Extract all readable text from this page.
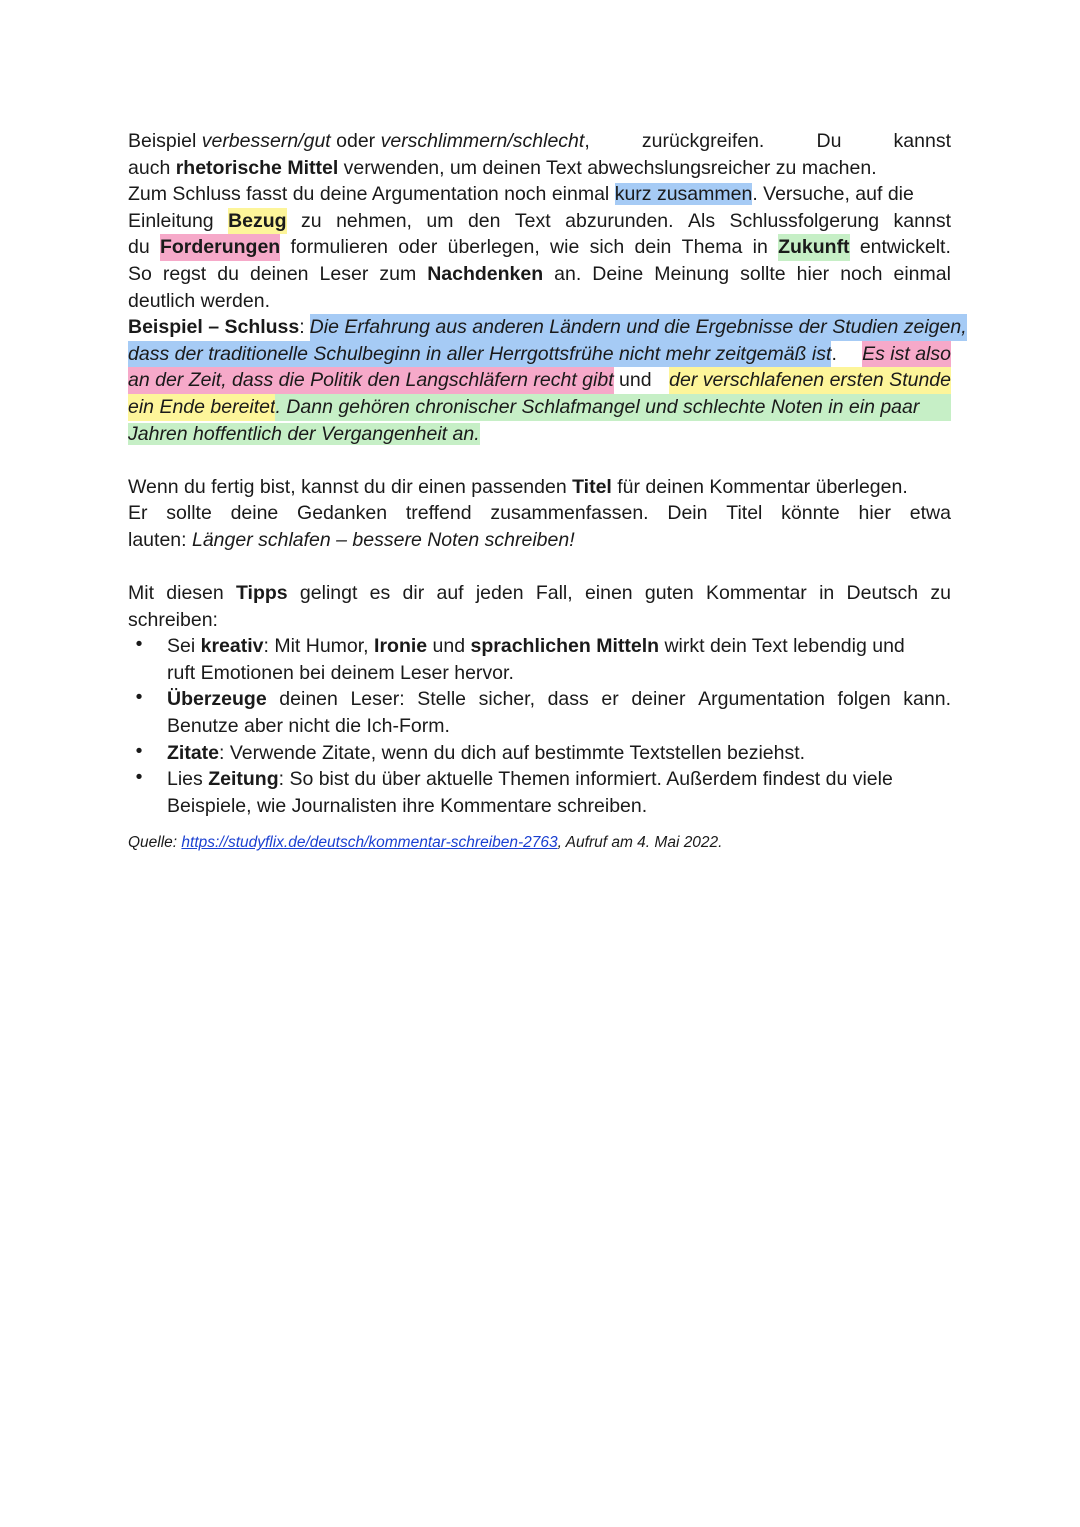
Beispiel verbessern/gut oder verschlimmern/schlecht,	zurückgreifen.	Du	kannst
auch rhetorische Mittel verwenden, um deinen Text abwechslungsreicher zu machen.
Zum Schluss fasst du deine Argumentation noch einmal kurz zusammen. Versuche, auf die
Einleitung Bezug zu nehmen, um den Text abzurunden. Als Schlussfolgerung kannst
du Forderungen formulieren oder überlegen, wie sich dein Thema in Zukunft entwickelt.
So regst du deinen Leser zum Nachdenken an. Deine Meinung sollte hier noch einmal
deutlich werden.
Beispiel – Schluss : Die Erfahrung aus anderen Ländern und die Ergebnisse der Studien zeigen,
dass der traditionelle Schulbeginn in aller Herrgottsfrühe nicht mehr zeitgemäß ist . Es ist also
an der Zeit, dass die Politik den Langschläfern recht gibt und der verschlafenen ersten Stunde
ein Ende bereitet . Dann gehören chronischer Schlafmangel und schlechte Noten in ein paar
Jahren hoffentlich der Vergangenheit an.
Wenn du fertig bist, kannst du dir einen passenden Titel für deinen Kommentar überlegen.
Er sollte deine Gedanken treffend zusammenfassen. Dein Titel könnte hier etwa
lauten: Länger schlafen – bessere Noten schreiben!
Mit diesen Tipps gelingt es dir auf jeden Fall, einen guten Kommentar in Deutsch zu
schreiben:
• Sei kreativ: Mit Humor, Ironie und sprachlichen Mitteln wirkt dein Text lebendig und
ruft Emotionen bei deinem Leser hervor.
• Überzeuge deinen Leser: Stelle sicher, dass er deiner Argumentation folgen kann.
Benutze aber nicht die Ich-Form.
• Zitate: Verwende Zitate, wenn du dich auf bestimmte Textstellen beziehst.
• Lies Zeitung: So bist du über aktuelle Themen informiert. Außerdem findest du viele
Beispiele, wie Journalisten ihre Kommentare schreiben.
Quelle: https://studyflix.de/deutsch/kommentar-schreiben-2763, Aufruf am 4. Mai 2022.
